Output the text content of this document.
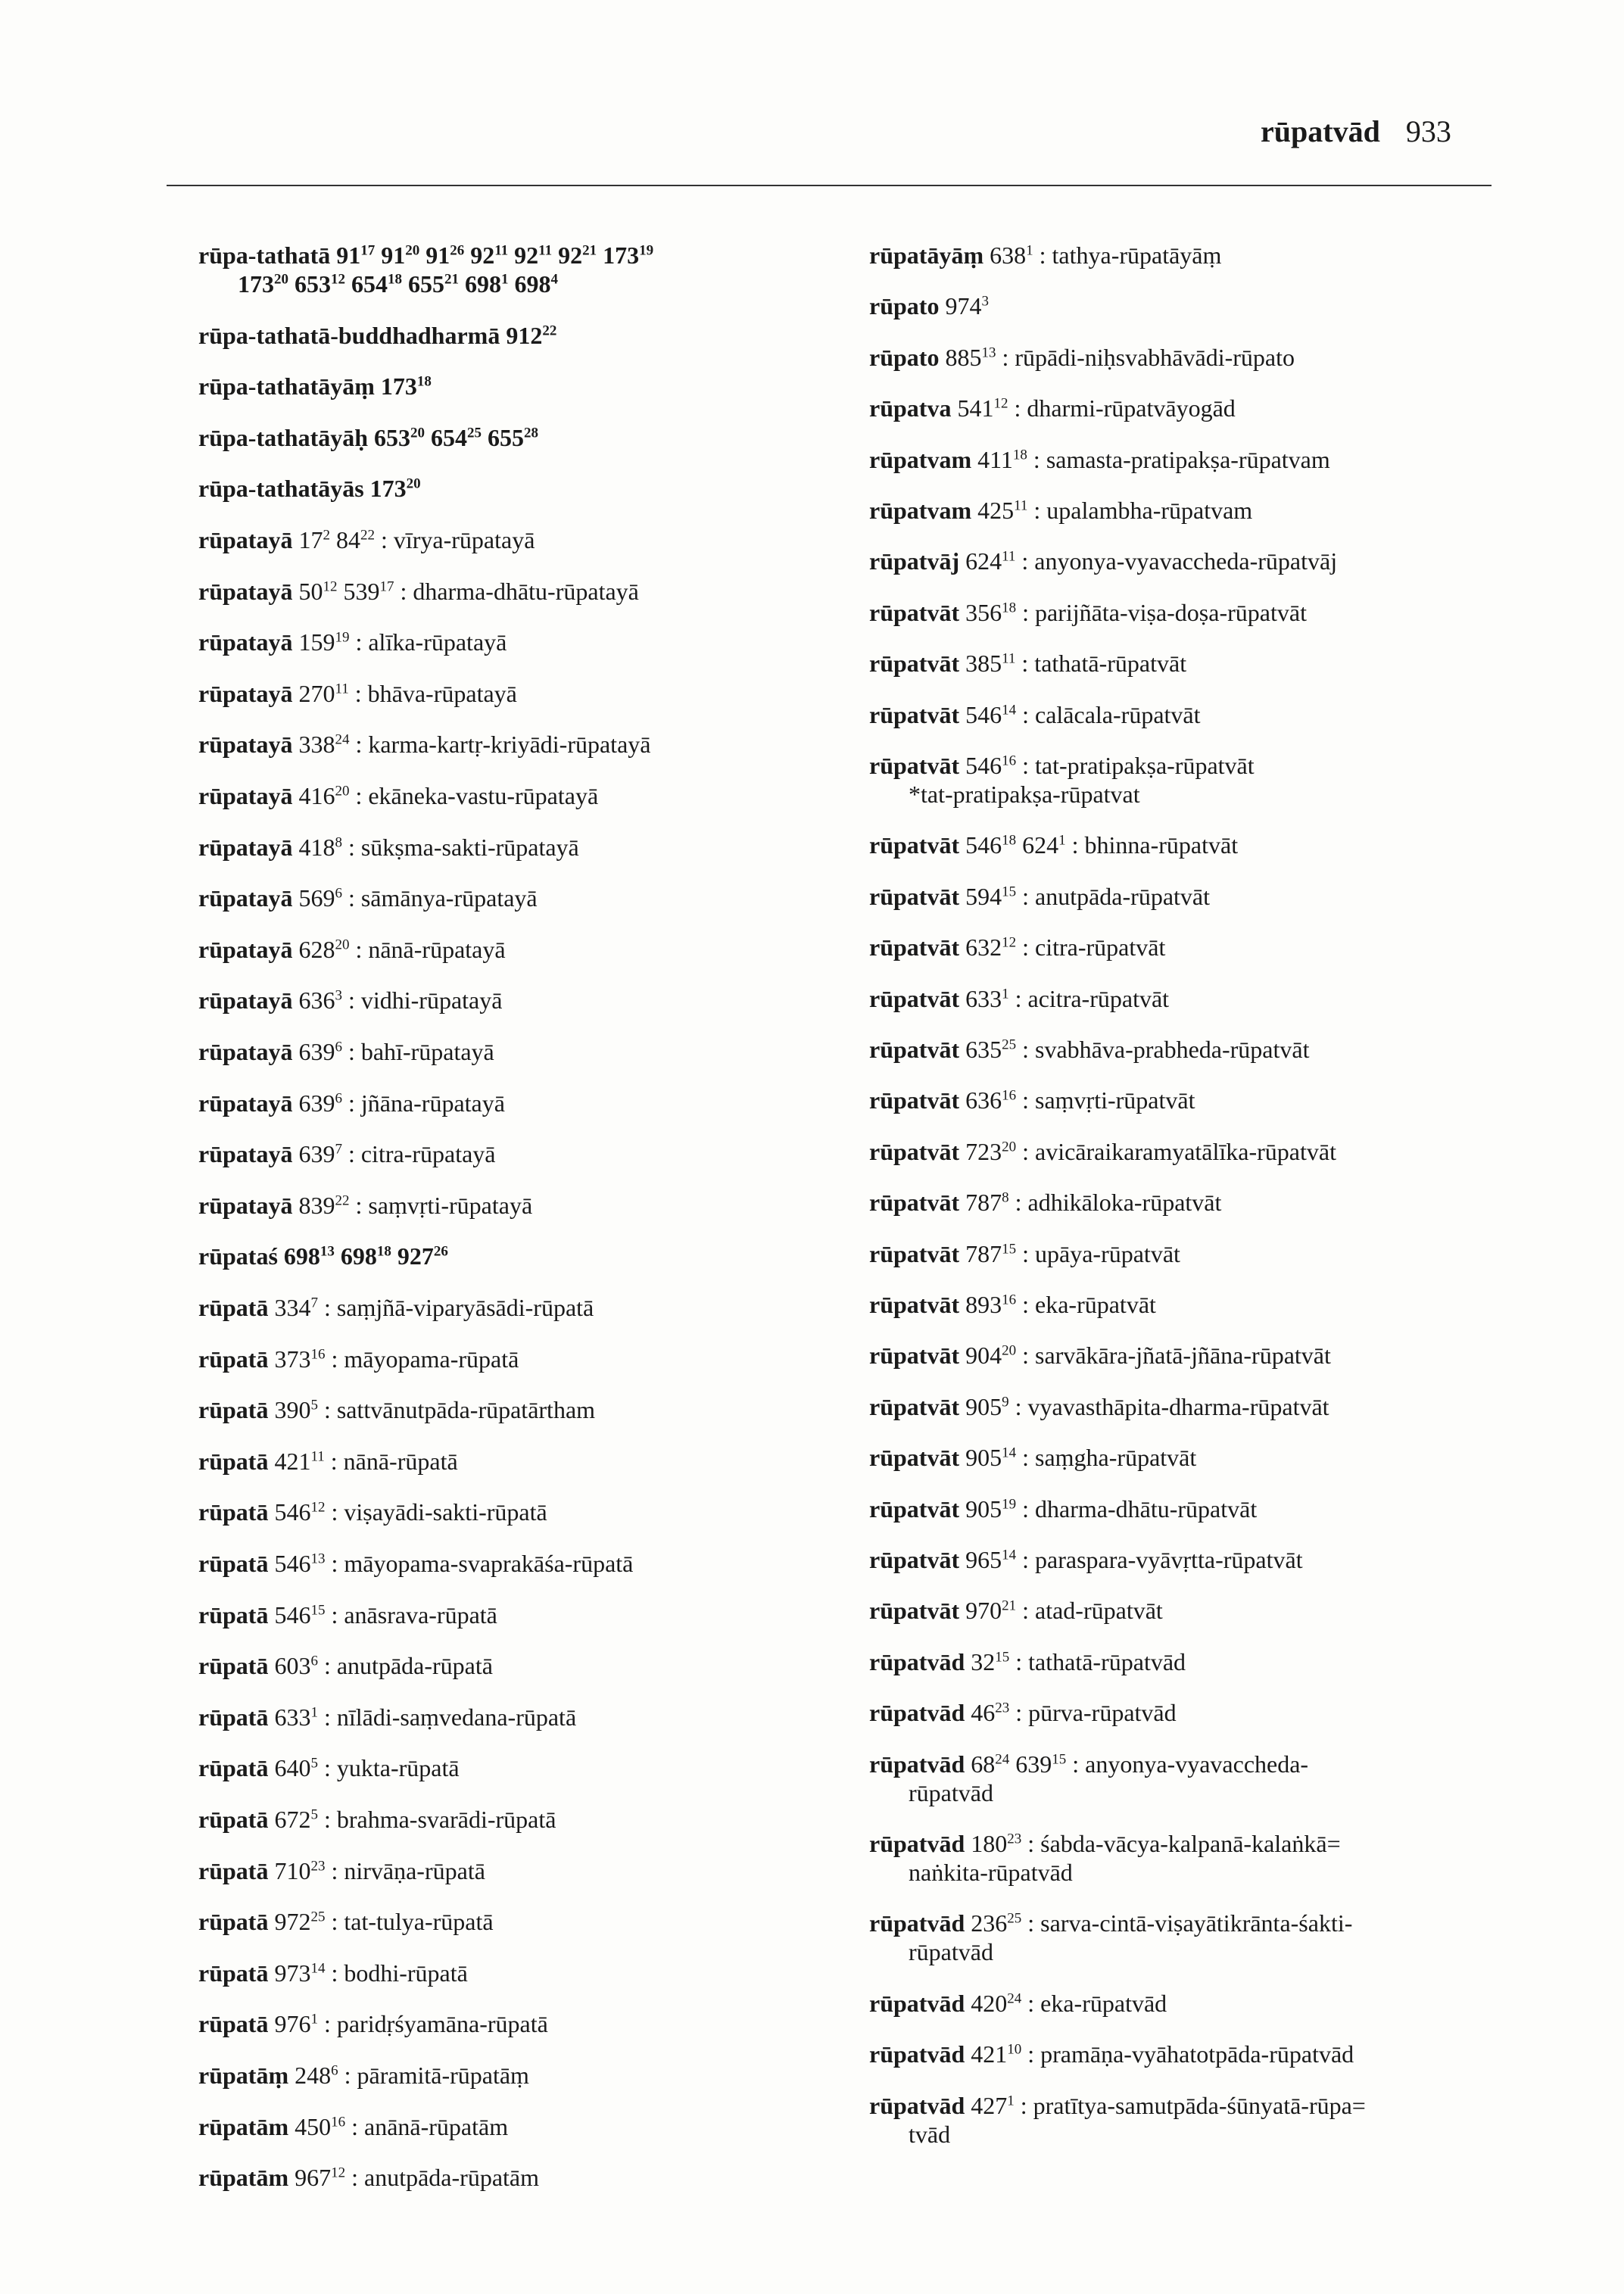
rūpatvād 933
rūpa-tathatā $91^{17}$ $91^{20}$ $91^{26}$ $92^{11}$ $92^{11}$ $92^{21}$ $173^{19}$
$173^{20}$ $653^{12}$ $654^{18}$ $655^{21}$ $698^1$ $698^4$
rūpa-tathatā-buddhadharmā $912^{22}$
rūpa-tathatāyāṃ $173^{18}$
rūpa-tathatāyāḥ $653^{20}$ $654^{25}$ $655^{28}$
rūpa-tathatāyās $173^{20}$
rūpatayā $17^2$ $84^{22}$ : vīrya-rūpatayā
rūpatayā $50^{12}$ $539^{17}$ : dharma-dhātu-rūpatayā
rūpatayā $159^{19}$ : alīka-rūpatayā
rūpatayā $270^{11}$ : bhāva-rūpatayā
rūpatayā $338^{24}$ : karma-kartṛ-kriyādi-rūpatayā
rūpatayā $416^{20}$ : ekāneka-vastu-rūpatayā
rūpatayā $418^8$ : sūkṣma-sakti-rūpatayā
rūpatayā $569^6$ : sāmānya-rūpatayā
rūpatayā $628^{20}$ : nānā-rūpatayā
rūpatayā $636^3$ : vidhi-rūpatayā
rūpatayā $639^6$ : bahī-rūpatayā
rūpatayā $639^6$ : jñāna-rūpatayā
rūpatayā $639^7$ : citra-rūpatayā
rūpatayā $839^{22}$ : saṃvṛti-rūpatayā
rūpataś $698^{13}$ $698^{18}$ $927^{26}$
rūpatā $334^7$ : saṃjñā-viparyāsādi-rūpatā
rūpatā $373^{16}$ : māyopama-rūpatā
rūpatā $390^5$ : sattvānutpāda-rūpatārtham
rūpatā $421^{11}$ : nānā-rūpatā
rūpatā $546^{12}$ : viṣayādi-sakti-rūpatā
rūpatā $546^{13}$ : māyopama-svaprakāśa-rūpatā
rūpatā $546^{15}$ : anāsrava-rūpatā
rūpatā $603^6$ : anutpāda-rūpatā
rūpatā $633^1$ : nīlādi-saṃvedana-rūpatā
rūpatā $640^5$ : yukta-rūpatā
rūpatā $672^5$ : brahma-svarādi-rūpatā
rūpatā $710^{23}$ : nirvāṇa-rūpatā
rūpatā $972^{25}$ : tat-tulya-rūpatā
rūpatā $973^{14}$ : bodhi-rūpatā
rūpatā $976^1$ : paridṛśyamāna-rūpatā
rūpatāṃ $248^6$ : pāramitā-rūpatāṃ
rūpatām $450^{16}$ : anānā-rūpatām
rūpatām $967^{12}$ : anutpāda-rūpatām
rūpatāyāṃ $638^1$ : tathya-rūpatāyāṃ
rūpato $974^3$
rūpato $885^{13}$ : rūpādi-niḥsvabhāvādi-rūpato
rūpatva $541^{12}$ : dharmi-rūpatvāyogād
rūpatvam $411^{18}$ : samasta-pratipakṣa-rūpatvam
rūpatvam $425^{11}$ : upalambha-rūpatvam
rūpatvāj $624^{11}$ : anyonya-vyavaccheda-rūpatvāj
rūpatvāt $356^{18}$ : parijñāta-viṣa-doṣa-rūpatvāt
rūpatvāt $385^{11}$ : tathatā-rūpatvāt
rūpatvāt $546^{14}$ : calācala-rūpatvāt
rūpatvāt $546^{16}$ : tat-pratipakṣa-rūpatvāt
*tat-pratipakṣa-rūpatvat
rūpatvāt $546^{18}$ $624^1$ : bhinna-rūpatvāt
rūpatvāt $594^{15}$ : anutpāda-rūpatvāt
rūpatvāt $632^{12}$ : citra-rūpatvāt
rūpatvāt $633^1$ : acitra-rūpatvāt
rūpatvāt $635^{25}$ : svabhāva-prabheda-rūpatvāt
rūpatvāt $636^{16}$ : saṃvṛti-rūpatvāt
rūpatvāt $723^{20}$ : avicāraikaramyatālīka-rūpatvāt
rūpatvāt $787^8$ : adhikāloka-rūpatvāt
rūpatvāt $787^{15}$ : upāya-rūpatvāt
rūpatvāt $893^{16}$ : eka-rūpatvāt
rūpatvāt $904^{20}$ : sarvākāra-jñatā-jñāna-rūpatvāt
rūpatvāt $905^9$ : vyavasthāpita-dharma-rūpatvāt
rūpatvāt $905^{14}$ : saṃgha-rūpatvāt
rūpatvāt $905^{19}$ : dharma-dhātu-rūpatvāt
rūpatvāt $965^{14}$ : paraspara-vyāvṛtta-rūpatvāt
rūpatvāt $970^{21}$ : atad-rūpatvāt
rūpatvād $32^{15}$ : tathatā-rūpatvād
rūpatvād $46^{23}$ : pūrva-rūpatvād
rūpatvād $68^{24}$ $639^{15}$ : anyonya-vyavaccheda-
rūpatvād
rūpatvād $180^{23}$ : śabda-vācya-kalpanā-kalaṅkā=
naṅkita-rūpatvād
rūpatvād $236^{25}$ : sarva-cintā-viṣayātikrānta-śakti-
rūpatvād
rūpatvād $420^{24}$ : eka-rūpatvād
rūpatvād $421^{10}$ : pramāṇa-vyāhatotpāda-rūpatvād
rūpatvād $427^1$ : pratītya-samutpāda-śūnyatā-rūpa=
tvād
